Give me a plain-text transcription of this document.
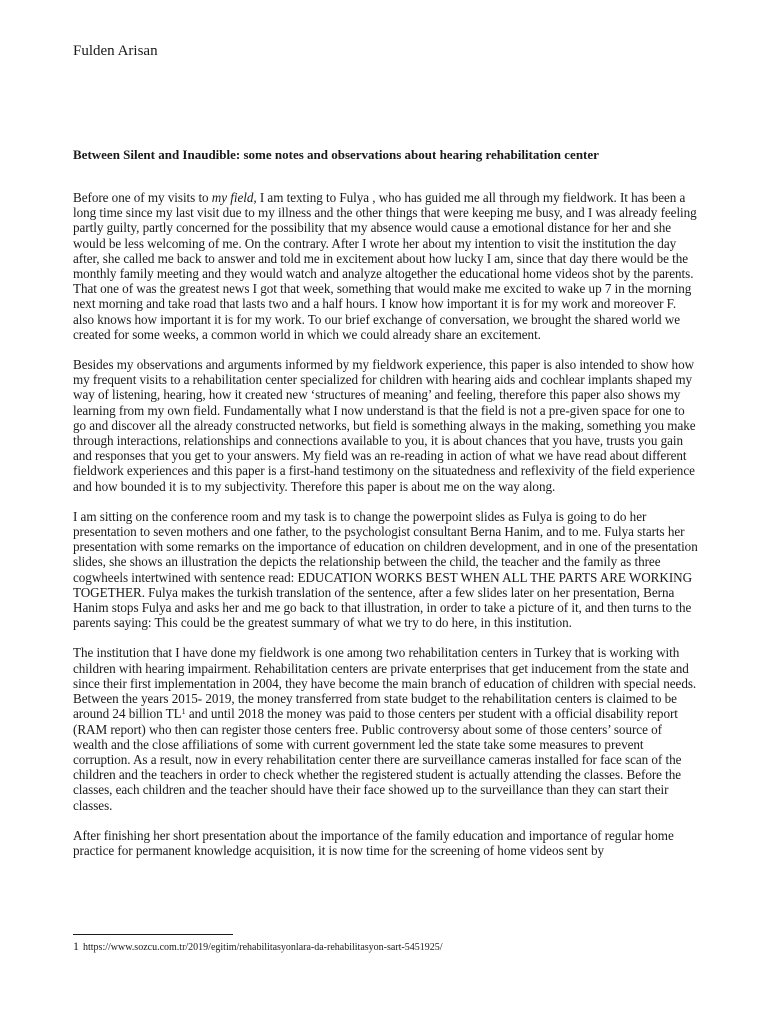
Fulden Arisan

Between Silent and Inaudible: some notes and observations about hearing rehabilitation center

Before one of my visits to my field, I am texting to Fulya , who has guided me all through my fieldwork. It has been a long time since my last visit due to my illness and the other things that were keeping me busy, and I was already feeling partly guilty, partly concerned for the possibility that my absence would cause a emotional distance for her and she would be less welcoming of me. On the contrary. After I wrote her about my intention to visit the institution the day after, she called me back to answer and told me in excitement about how lucky I am, since that day there would be the monthly family meeting and they would watch and analyze altogether the educational home videos shot by the parents. That one of was the greatest news I got that week, something that would make me excited to wake up 7 in the morning next morning and take road that lasts two and a half hours. I know how important it is for my work and moreover F. also knows how important it is for my work. To our brief exchange of conversation, we brought the shared world we created for some weeks, a common world in which we could already share an excitement.

Besides my observations and arguments informed by my fieldwork experience, this paper is also intended to show how my frequent visits to a rehabilitation center specialized for children with hearing aids and cochlear implants shaped my way of listening, hearing, how it created new ‘structures of meaning’ and feeling, therefore this paper also shows my learning from my own field. Fundamentally what I now understand is that the field is not a pre-given space for one to go and discover all the already constructed networks, but field is something always in the making, something you make through interactions, relationships and connections available to you, it is about chances that you have, trusts you gain and responses that you get to your answers. My field was an re-reading in action of what we have read about different fieldwork experiences and this paper is a first-hand testimony on the situatedness and reflexivity of the field experience and how bounded it is to my subjectivity. Therefore this paper is about me on the way along.

I am sitting on the conference room and my task is to change the powerpoint slides as Fulya is going to do her presentation to seven mothers and one father, to the psychologist consultant Berna Hanim, and to me. Fulya starts her presentation with some remarks on the importance of education on children development, and in one of the presentation slides, she shows an illustration the depicts the relationship between the child, the teacher and the family as three cogwheels intertwined with sentence read: EDUCATION WORKS BEST WHEN ALL THE PARTS ARE WORKING TOGETHER. Fulya makes the turkish translation of the sentence, after a few slides later on her presentation, Berna Hanim stops Fulya and asks her and me go back to that illustration, in order to take a picture of it, and then turns to the parents saying: This could be the greatest summary of what we try to do here, in this institution.

The institution that I have done my fieldwork is one among two rehabilitation centers in Turkey that is working with children with hearing impairment. Rehabilitation centers are private enterprises that get inducement from the state and since their first implementation in 2004, they have become the main branch of education of children with special needs. Between the years 2015- 2019, the money transferred from state budget to the rehabilitation centers is claimed to be around 24 billion $TL^1$ and until 2018 the money was paid to those centers per student with a official disability report (RAM report) who then can register those centers free. Public controversy about some of those centers’ source of wealth and the close affiliations of some with current government led the state take some measures to prevent corruption. As a result, now in every rehabilitation center there are surveillance cameras installed for face scan of the children and the teachers in order to check whether the registered student is actually attending the classes. Before the classes, each children and the teacher should have their face showed up to the surveillance than they can start their classes.

After finishing her short presentation about the importance of the family education and importance of regular home practice for permanent knowledge acquisition, it is now time for the screening of home videos sent by

1 https://www.sozcu.com.tr/2019/egitim/rehabilitasyonlara-da-rehabilitasyon-sart-5451925/
